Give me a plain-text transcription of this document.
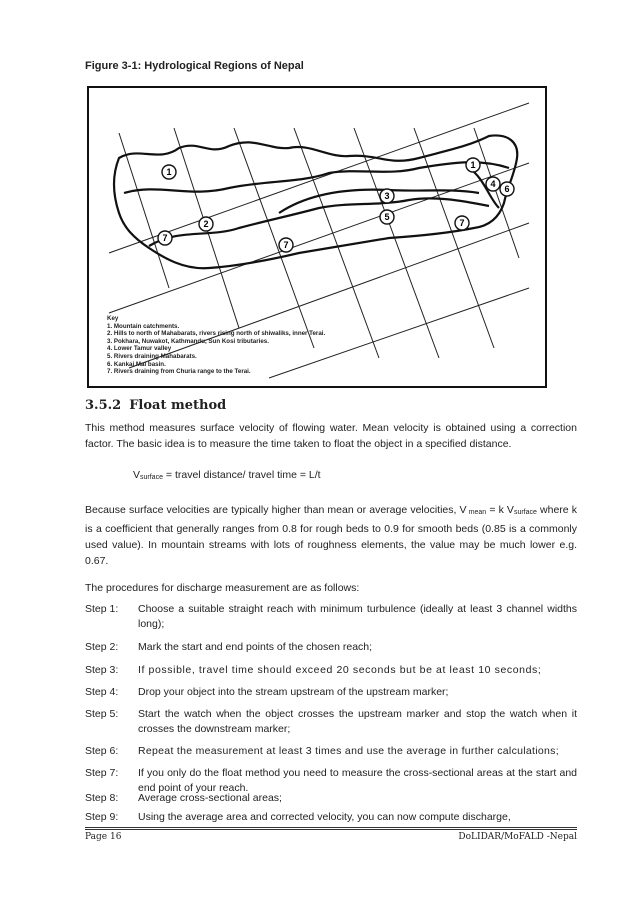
Figure 3-1: Hydrological Regions of Nepal
1
1
2
3
4
5
6
7
7
7
Key
1. Mountain catchments.
2. Hills to north of Mahabarats, rivers rising north of shiwaliks, inner Terai.
3. Pokhara, Nuwakot, Kathmandu, Sun Kosi tributaries.
4. Lower Tamur valley
5. Rivers draining Mahabarats.
6. Kankai Mai basin.
7. Rivers draining from Churia range to the Terai.
3.5.2 Float method
This method measures surface velocity of flowing water. Mean velocity is obtained using a correction factor. The basic idea is to measure the time taken to float the object in a specified distance.
$V_{surface}$ = travel distance/ travel time = L/t
Because surface velocities are typically higher than mean or average velocities, V $_{mean}$ = k $V_{surface}$ where k is a coefficient that generally ranges from 0.8 for rough beds to 0.9 for smooth beds (0.85 is a commonly used value). In mountain streams with lots of roughness elements, the value may be much lower e.g. 0.67.
The procedures for discharge measurement are as follows:
Step 1:	Choose a suitable straight reach with minimum turbulence (ideally at least 3 channel widths long);
Step 2:	Mark the start and end points of the chosen reach;
Step 3:	If possible, travel time should exceed 20 seconds but be at least 10 seconds;
Step 4:	Drop your object into the stream upstream of the upstream marker;
Step 5:	Start the watch when the object crosses the upstream marker and stop the watch when it crosses the downstream marker;
Step 6:	Repeat the measurement at least 3 times and use the average in further calculations;
Step 7:	If you only do the float method you need to measure the cross-sectional areas at the start and end point of your reach.
Step 8:	Average cross-sectional areas;
Page 16	DoLIDAR/MoFALD -Nepal
Step 9:	Using the average area and corrected velocity, you can now compute discharge,
